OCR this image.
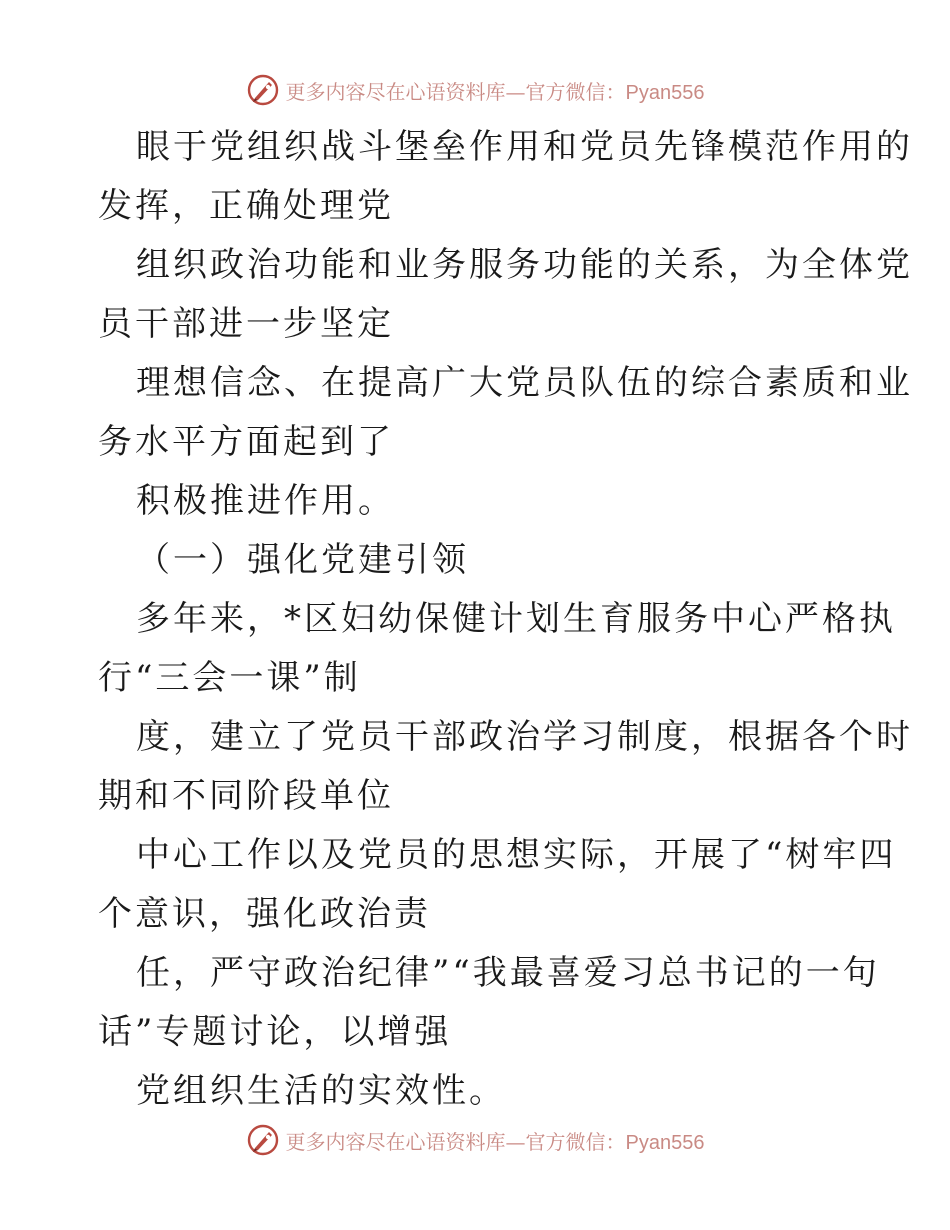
更多内容尽在心语资料库—官方微信：Pyan556
眼于党组织战斗堡垒作用和党员先锋模范作用的
发挥，正确处理党
组织政治功能和业务服务功能的关系，为全体党
员干部进一步坚定
理想信念、在提高广大党员队伍的综合素质和业
务水平方面起到了
积极推进作用。
（一）强化党建引领
多年来，*区妇幼保健计划生育服务中心严格执
行“三会一课”制
度，建立了党员干部政治学习制度，根据各个时
期和不同阶段单位
中心工作以及党员的思想实际，开展了“树牢四
个意识，强化政治责
任，严守政治纪律”“我最喜爱习总书记的一句
话”专题讨论，以增强
党组织生活的实效性。
更多内容尽在心语资料库—官方微信：Pyan556
